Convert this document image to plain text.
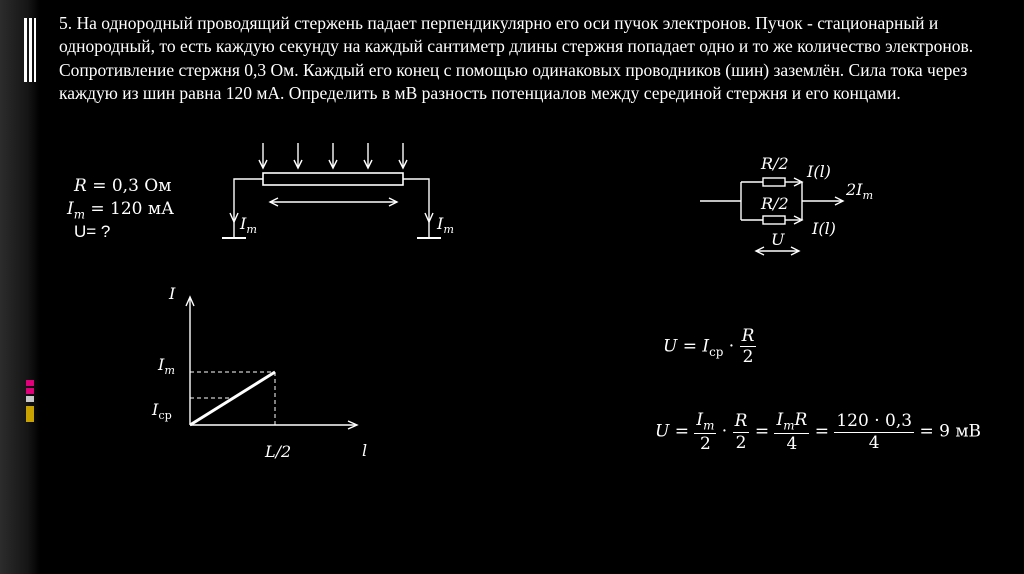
5. На однородный проводящий стержень падает перпендикулярно его оси пучок электронов. Пучок - стационарный и однородный, то есть каждую секунду на каждый сантиметр длины стержня попадает одно и то же количество электронов. Сопротивление стержня 0,3 Ом. Каждый его конец с помощью одинаковых проводников (шин) заземлён. Сила тока через каждую из шин равна 120 мА. Определить в мВ разность потенциалов между серединой стержня и его концами.

R = 0,3 Ом
$I_m = 120$ мА
U= ?	$I_m$	$I_m$
R/2
R/2
I(l)
I(l)
$2I_m$
U
I
l
$I_m$
$I_{ср}$
L/2
$U = I_{ср} \cdot \frac{R}{2}$
$U = \frac{I_m}{2} \cdot \frac{R}{2} = \frac{I_mR}{4} = \frac{120 \cdot 0,3}{4} = 9$ мВ
